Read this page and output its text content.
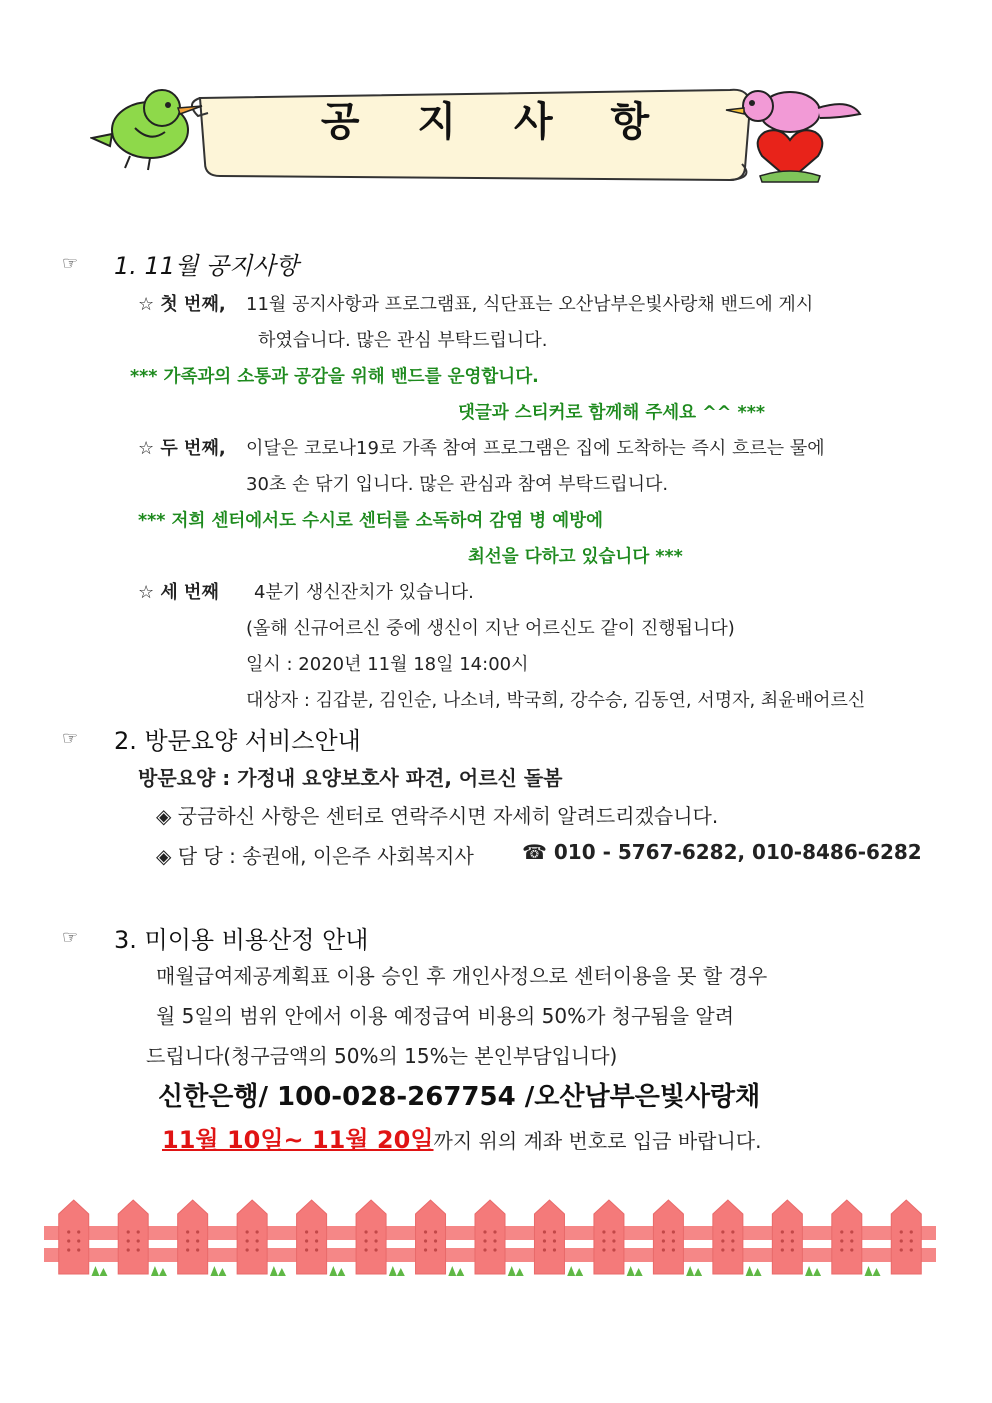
공 지 사 항
☞ 1. 11월 공지사항
☆ 첫 번째, 11월 공지사항과 프로그램표, 식단표는 오산남부은빛사랑채 밴드에 게시
하였습니다. 많은 관심 부탁드립니다.
*** 가족과의 소통과 공감을 위해 밴드를 운영합니다.
댓글과 스티커로 함께해 주세요 ^^ ***
☆ 두 번째, 이달은 코로나19로 가족 참여 프로그램은 집에 도착하는 즉시 흐르는 물에
30초 손 닦기 입니다. 많은 관심과 참여 부탁드립니다.
*** 저희 센터에서도 수시로 센터를 소독하여 감염 병 예방에
최선을 다하고 있습니다 ***
☆ 세 번째 4분기 생신잔치가 있습니다.
(올해 신규어르신 중에 생신이 지난 어르신도 같이 진행됩니다)
일시 : 2020년 11월 18일 14:00시
대상자 : 김갑분, 김인순, 나소녀, 박국희, 강수승, 김동연, 서명자, 최윤배어르신
☞ 2. 방문요양 서비스안내
방문요양 : 가정내 요양보호사 파견, 어르신 돌봄
◈ 궁금하신 사항은 센터로 연락주시면 자세히 알려드리겠습니다.
◈ 담 당 : 송권애, 이은주 사회복지사 ☎ 010 - 5767-6282, 010-8486-6282
☞ 3. 미이용 비용산정 안내
매월급여제공계획표 이용 승인 후 개인사정으로 센터이용을 못 할 경우
월 5일의 범위 안에서 이용 예정급여 비용의 50%가 청구됨을 알려
드립니다(청구금액의 50%의 15%는 본인부담입니다)
신한은행/ 100-028-267754 /오산남부은빛사랑채
11월 10일~ 11월 20일까지 위의 계좌 번호로 입금 바랍니다.
